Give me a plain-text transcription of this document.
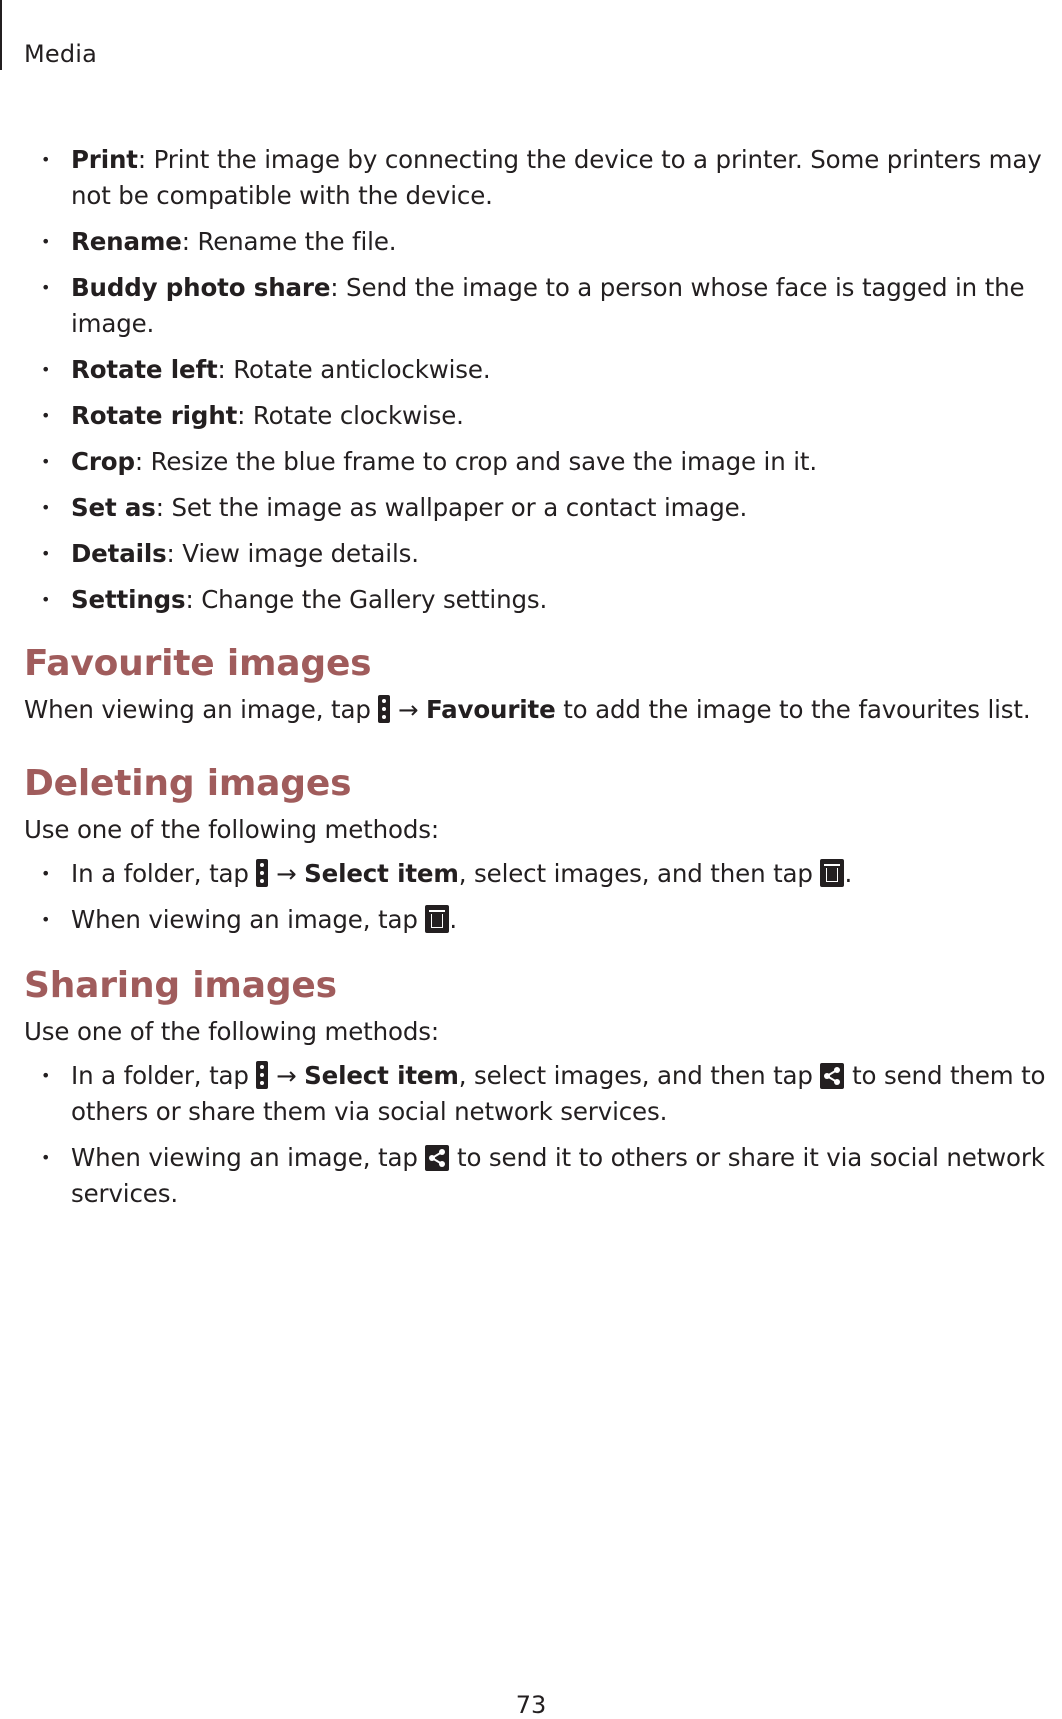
Media
• Print: Print the image by connecting the device to a printer. Some printers may not be compatible with the device.
• Rename: Rename the file.
• Buddy photo share: Send the image to a person whose face is tagged in the image.
• Rotate left: Rotate anticlockwise.
• Rotate right: Rotate clockwise.
• Crop: Resize the blue frame to crop and save the image in it.
• Set as: Set the image as wallpaper or a contact image.
• Details: View image details.
• Settings: Change the Gallery settings.
Favourite images

When viewing an image, tap
→ Favourite to add the image to the favourites list.

Deleting images

Use one of the following methods:

• In a folder, tap
→ Select item, select images, and then tap
.
• When viewing an image, tap
.
Sharing images

Use one of the following methods:

• In a folder, tap
→ Select item, select images, and then tap
to send them to others or share them via social network services.
• When viewing an image, tap
to send it to others or share it via social network services.
73
